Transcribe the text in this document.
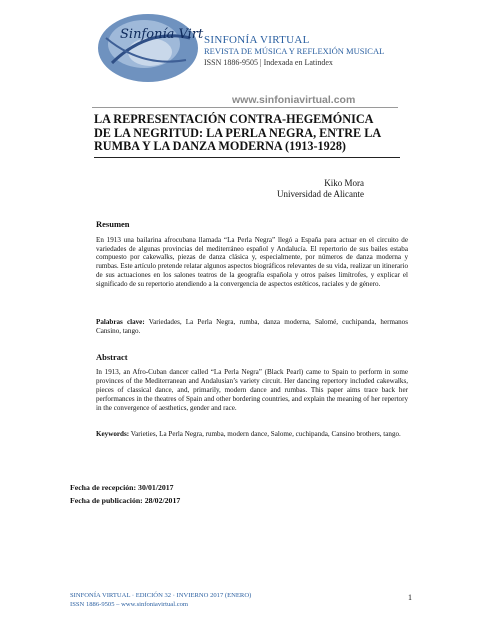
Sinfonía Virt SINFONÍA VIRTUAL
REVISTA DE MÚSICA Y REFLEXIÓN MUSICAL
ISSN 1886-9505 | Indexada en Latindex
www.sinfoniavirtual.com
LA REPRESENTACIÓN CONTRA-HEGEMÓNICA
DE LA NEGRITUD: LA PERLA NEGRA, ENTRE LA
RUMBA Y LA DANZA MODERNA (1913-1928)
Kiko Mora
Universidad de Alicante
Resumen
En 1913 una bailarina afrocubana llamada “La Perla Negra” llegó a España para actuar en el circuito de variedades de algunas provincias del mediterráneo español y Andalucía. El repertorio de sus bailes estaba compuesto por cakewalks, piezas de danza clásica y, especialmente, por números de danza moderna y rumbas. Este artículo pretende relatar algunos aspectos biográficos relevantes de su vida, realizar un itinerario de sus actuaciones en los salones teatros de la geografía española y otros países limítrofes, y explicar el significado de su repertorio atendiendo a la convergencia de aspectos estéticos, raciales y de género.
Palabras clave: Variedades, La Perla Negra, rumba, danza moderna, Salomé, cuchipanda, hermanos Cansino, tango.
Abstract
In 1913, an Afro-Cuban dancer called “La Perla Negra” (Black Pearl) came to Spain to perform in some provinces of the Mediterranean and Andalusian’s variety circuit. Her dancing repertory included cakewalks, pieces of classical dance, and, primarily, modern dance and rumbas. This paper aims trace back her performances in the theatres of Spain and other bordering countries, and explain the meaning of her repertory in the convergence of aesthetics, gender and race.
Keywords: Varieties, La Perla Negra, rumba, modern dance, Salome, cuchipanda, Cansino brothers, tango.
Fecha de recepción: 30/01/2017
Fecha de publicación: 28/02/2017
SINFONÍA VIRTUAL · EDICIÓN 32 · INVIERNO 2017 (ENERO)
ISSN 1886-9505 – www.sinfoniavirtual.com
1
